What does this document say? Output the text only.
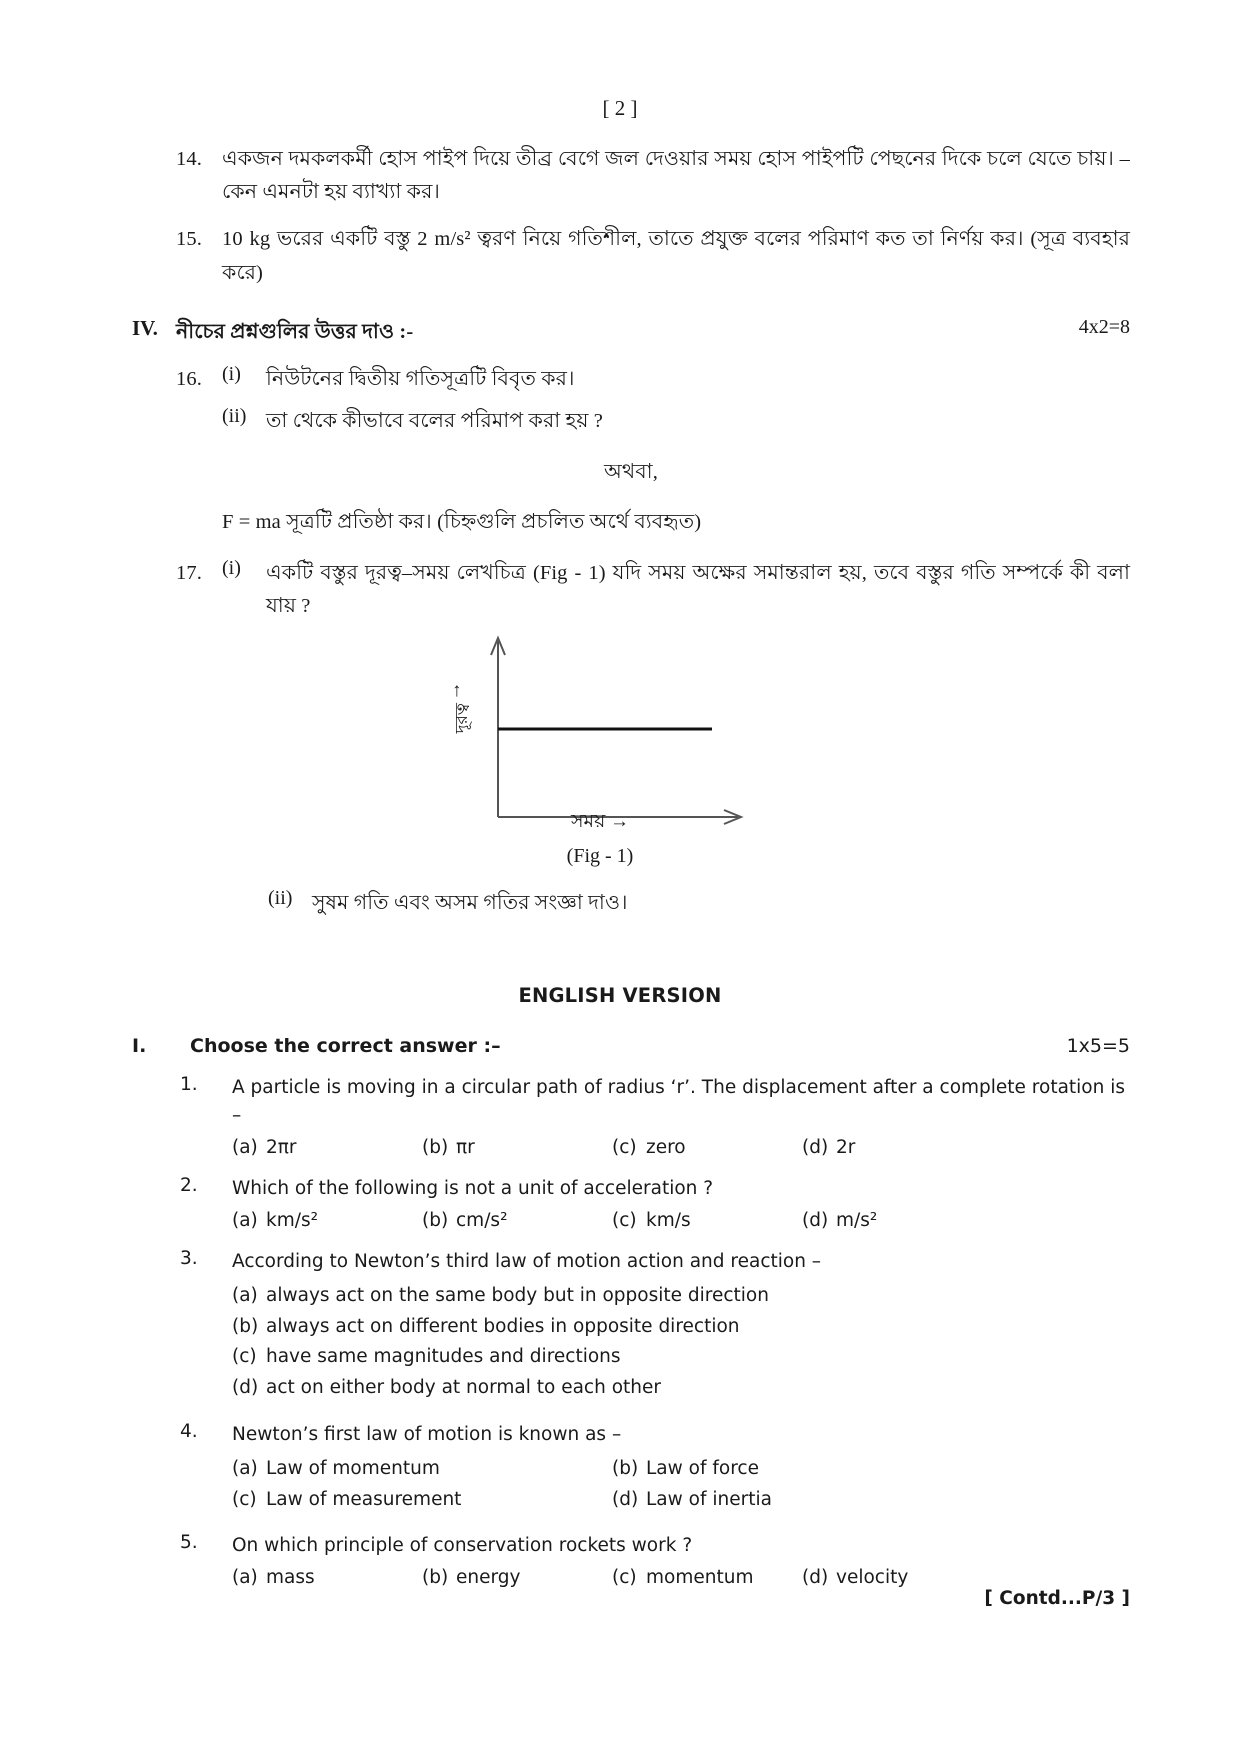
[ 2 ]
14. একজন দমকলকর্মী হোস পাইপ দিয়ে তীব্র বেগে জল দেওয়ার সময় হোস পাইপটি পেছনের দিকে চলে যেতে চায়। – কেন এমনটা হয় ব্যাখ্যা কর।
15. 10 kg ভরের একটি বস্তু 2 m/s² ত্বরণ নিয়ে গতিশীল, তাতে প্রযুক্ত বলের পরিমাণ কত তা নির্ণয় কর। (সূত্র ব্যবহার করে)
IV. নীচের প্রশ্নগুলির উত্তর দাও :-	4x2=8
16.	(i)	নিউটনের দ্বিতীয় গতিসূত্রটি বিবৃত কর।
(ii) তা থেকে কীভাবে বলের পরিমাপ করা হয় ?
অথবা,
F = ma সূত্রটি প্রতিষ্ঠা কর। (চিহ্নগুলি প্রচলিত অর্থে ব্যবহৃত)
17.	(i)	একটি বস্তুর দূরত্ব–সময় লেখচিত্র (Fig - 1) যদি সময় অক্ষের সমান্তরাল হয়, তবে বস্তুর গতি সম্পর্কে কী বলা যায় ?
↑
দূরত্ব
সময় →
(Fig - 1)
(ii) সুষম গতি এবং অসম গতির সংজ্ঞা দাও।
ENGLISH VERSION
I.	Choose the correct answer :–	1x5=5
1.	A particle is moving in a circular path of radius ‘r’. The displacement after a complete rotation is –
(a) 2πr	(b) πr	(c) zero	(d) 2r
2.	Which of the following is not a unit of acceleration ?
(a) km/s²	(b) cm/s²	(c) km/s	(d) m/s²
3.	According to Newton’s third law of motion action and reaction –
(a) always act on the same body but in opposite direction
(b) always act on different bodies in opposite direction
(c) have same magnitudes and directions
(d) act on either body at normal to each other
4.	Newton’s first law of motion is known as –
(a) Law of momentum	(b) Law of force
(c) Law of measurement	(d) Law of inertia
5.	On which principle of conservation rockets work ?
(a) mass	(b) energy	(c) momentum	(d) velocity
[ Contd...P/3 ]
